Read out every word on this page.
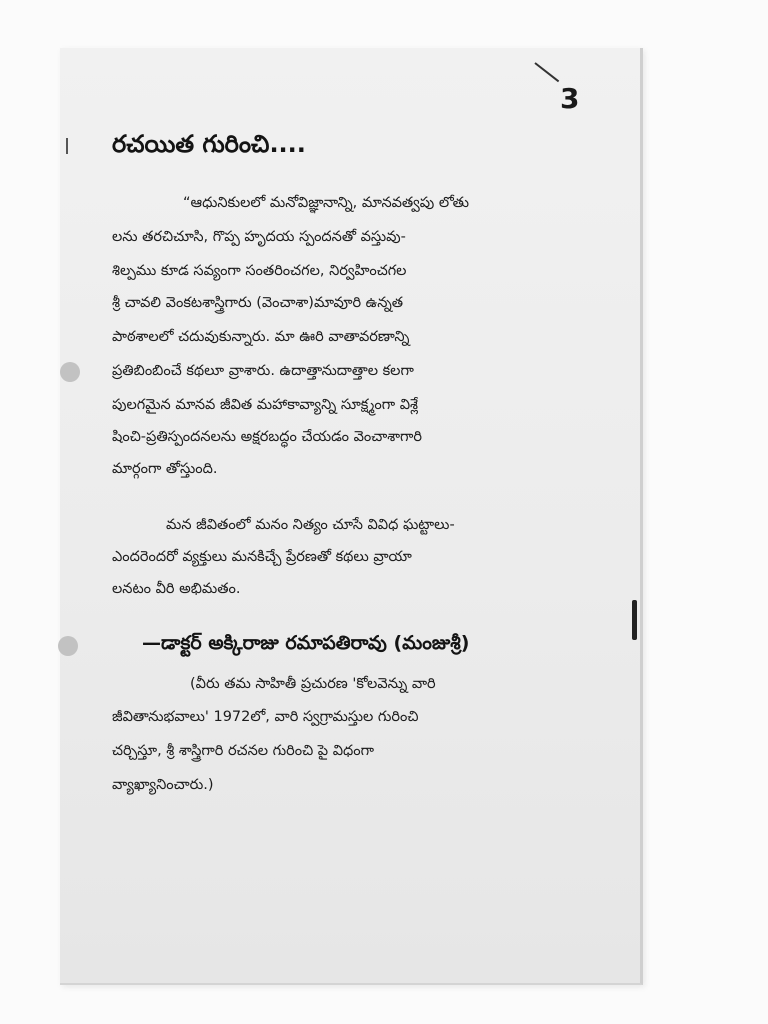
3
రచయిత గురించి....
“ఆధునికులలో మనోవిజ్ఞానాన్ని, మానవత్వపు లోతు
లను తరచిచూసి, గొప్ప హృదయ స్పందనతో వస్తువు-
శిల్పము కూడ సవ్యంగా సంతరించగల, నిర్వహించగల
శ్రీ చావలి వెంకటశాస్త్రిగారు (వెంచాశా)మావూరి ఉన్నత
పాఠశాలలో చదువుకున్నారు. మా ఊరి వాతావరణాన్ని
ప్రతిబింబించే కథలూ వ్రాశారు. ఉదాత్తానుదాత్తాల కలగా
పులగమైన మానవ జీవిత మహాకావ్యాన్ని సూక్ష్మంగా విశ్లే
షించి-ప్రతిస్పందనలను అక్షరబద్ధం చేయడం వెంచాశాగారి
మార్గంగా తోస్తుంది.
మన జీవితంలో మనం నిత్యం చూసే వివిధ ఘట్టాలు-
ఎందరెందరో వ్యక్తులు మనకిచ్చే ప్రేరణతో కథలు వ్రాయా
లనటం వీరి అభిమతం.
—డాక్టర్ అక్కిరాజు రమాపతిరావు (మంజుశ్రీ)
(వీరు తమ సాహితీ ప్రచురణ 'కోలవెన్ను వారి
జీవితానుభవాలు' 1972లో, వారి స్వగ్రామస్తుల గురించి
చర్చిస్తూ, శ్రీ శాస్త్రిగారి రచనల గురించి పై విధంగా
వ్యాఖ్యానించారు.)
